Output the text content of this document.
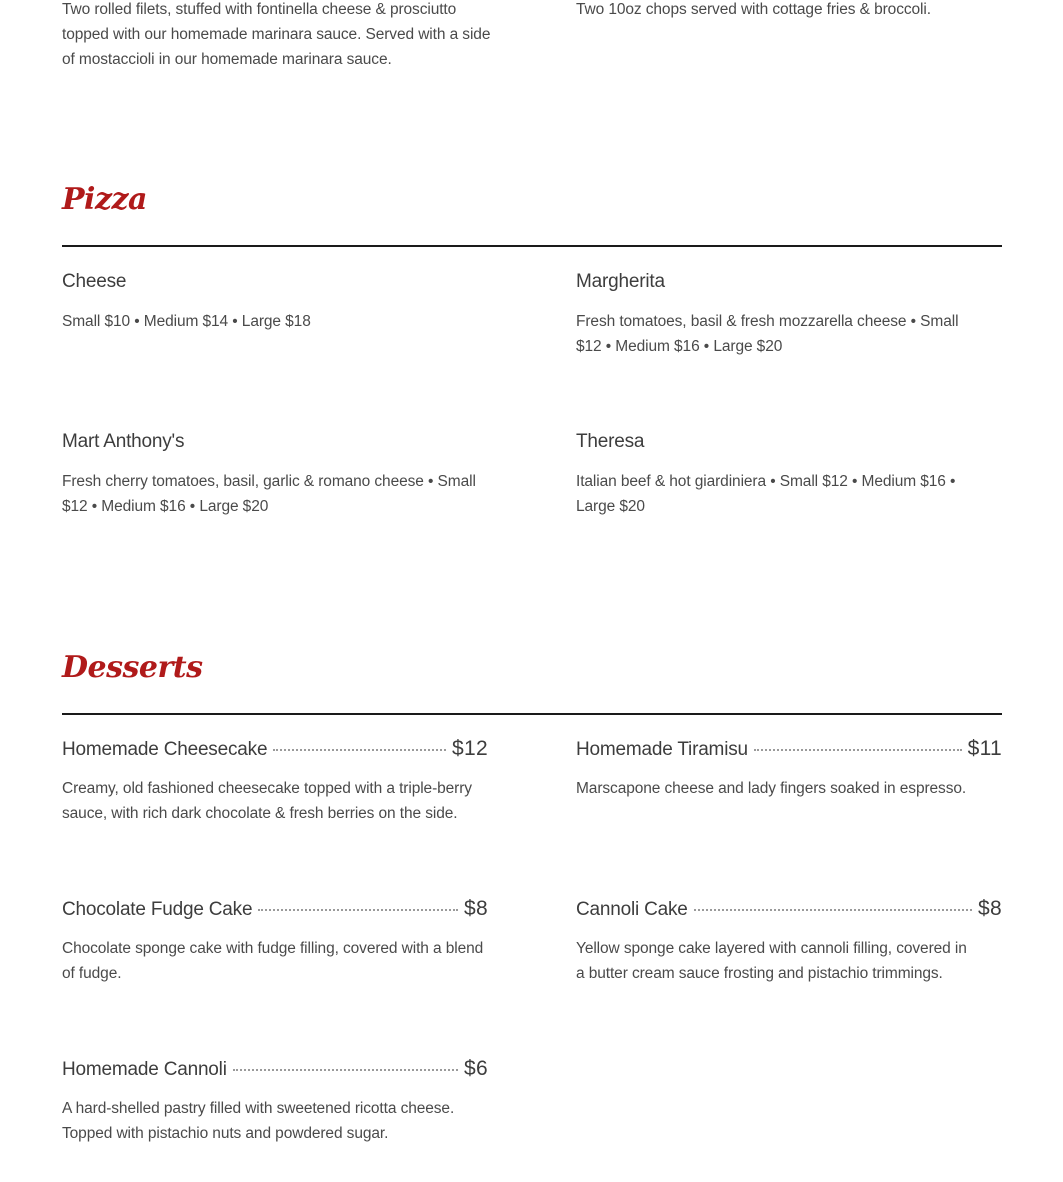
Two rolled filets, stuffed with fontinella cheese & prosciutto topped with our homemade marinara sauce. Served with a side of mostaccioli in our homemade marinara sauce.
Two 10oz chops served with cottage fries & broccoli.
Pizza
Cheese
Small $10 • Medium $14 • Large $18
Margherita
Fresh tomatoes, basil & fresh mozzarella cheese • Small $12 • Medium $16 • Large $20
Mart Anthony's
Fresh cherry tomatoes, basil, garlic & romano cheese • Small $12 • Medium $16 • Large $20
Theresa
Italian beef & hot giardiniera • Small $12 • Medium $16 • Large $20
Desserts
Homemade Cheesecake	$12
Creamy, old fashioned cheesecake topped with a triple-berry sauce, with rich dark chocolate & fresh berries on the side.
Homemade Tiramisu	$11
Marscapone cheese and lady fingers soaked in espresso.
Chocolate Fudge Cake	$8
Chocolate sponge cake with fudge filling, covered with a blend of fudge.
Cannoli Cake	$8
Yellow sponge cake layered with cannoli filling, covered in a butter cream sauce frosting and pistachio trimmings.
Homemade Cannoli	$6
A hard-shelled pastry filled with sweetened ricotta cheese. Topped with pistachio nuts and powdered sugar.
